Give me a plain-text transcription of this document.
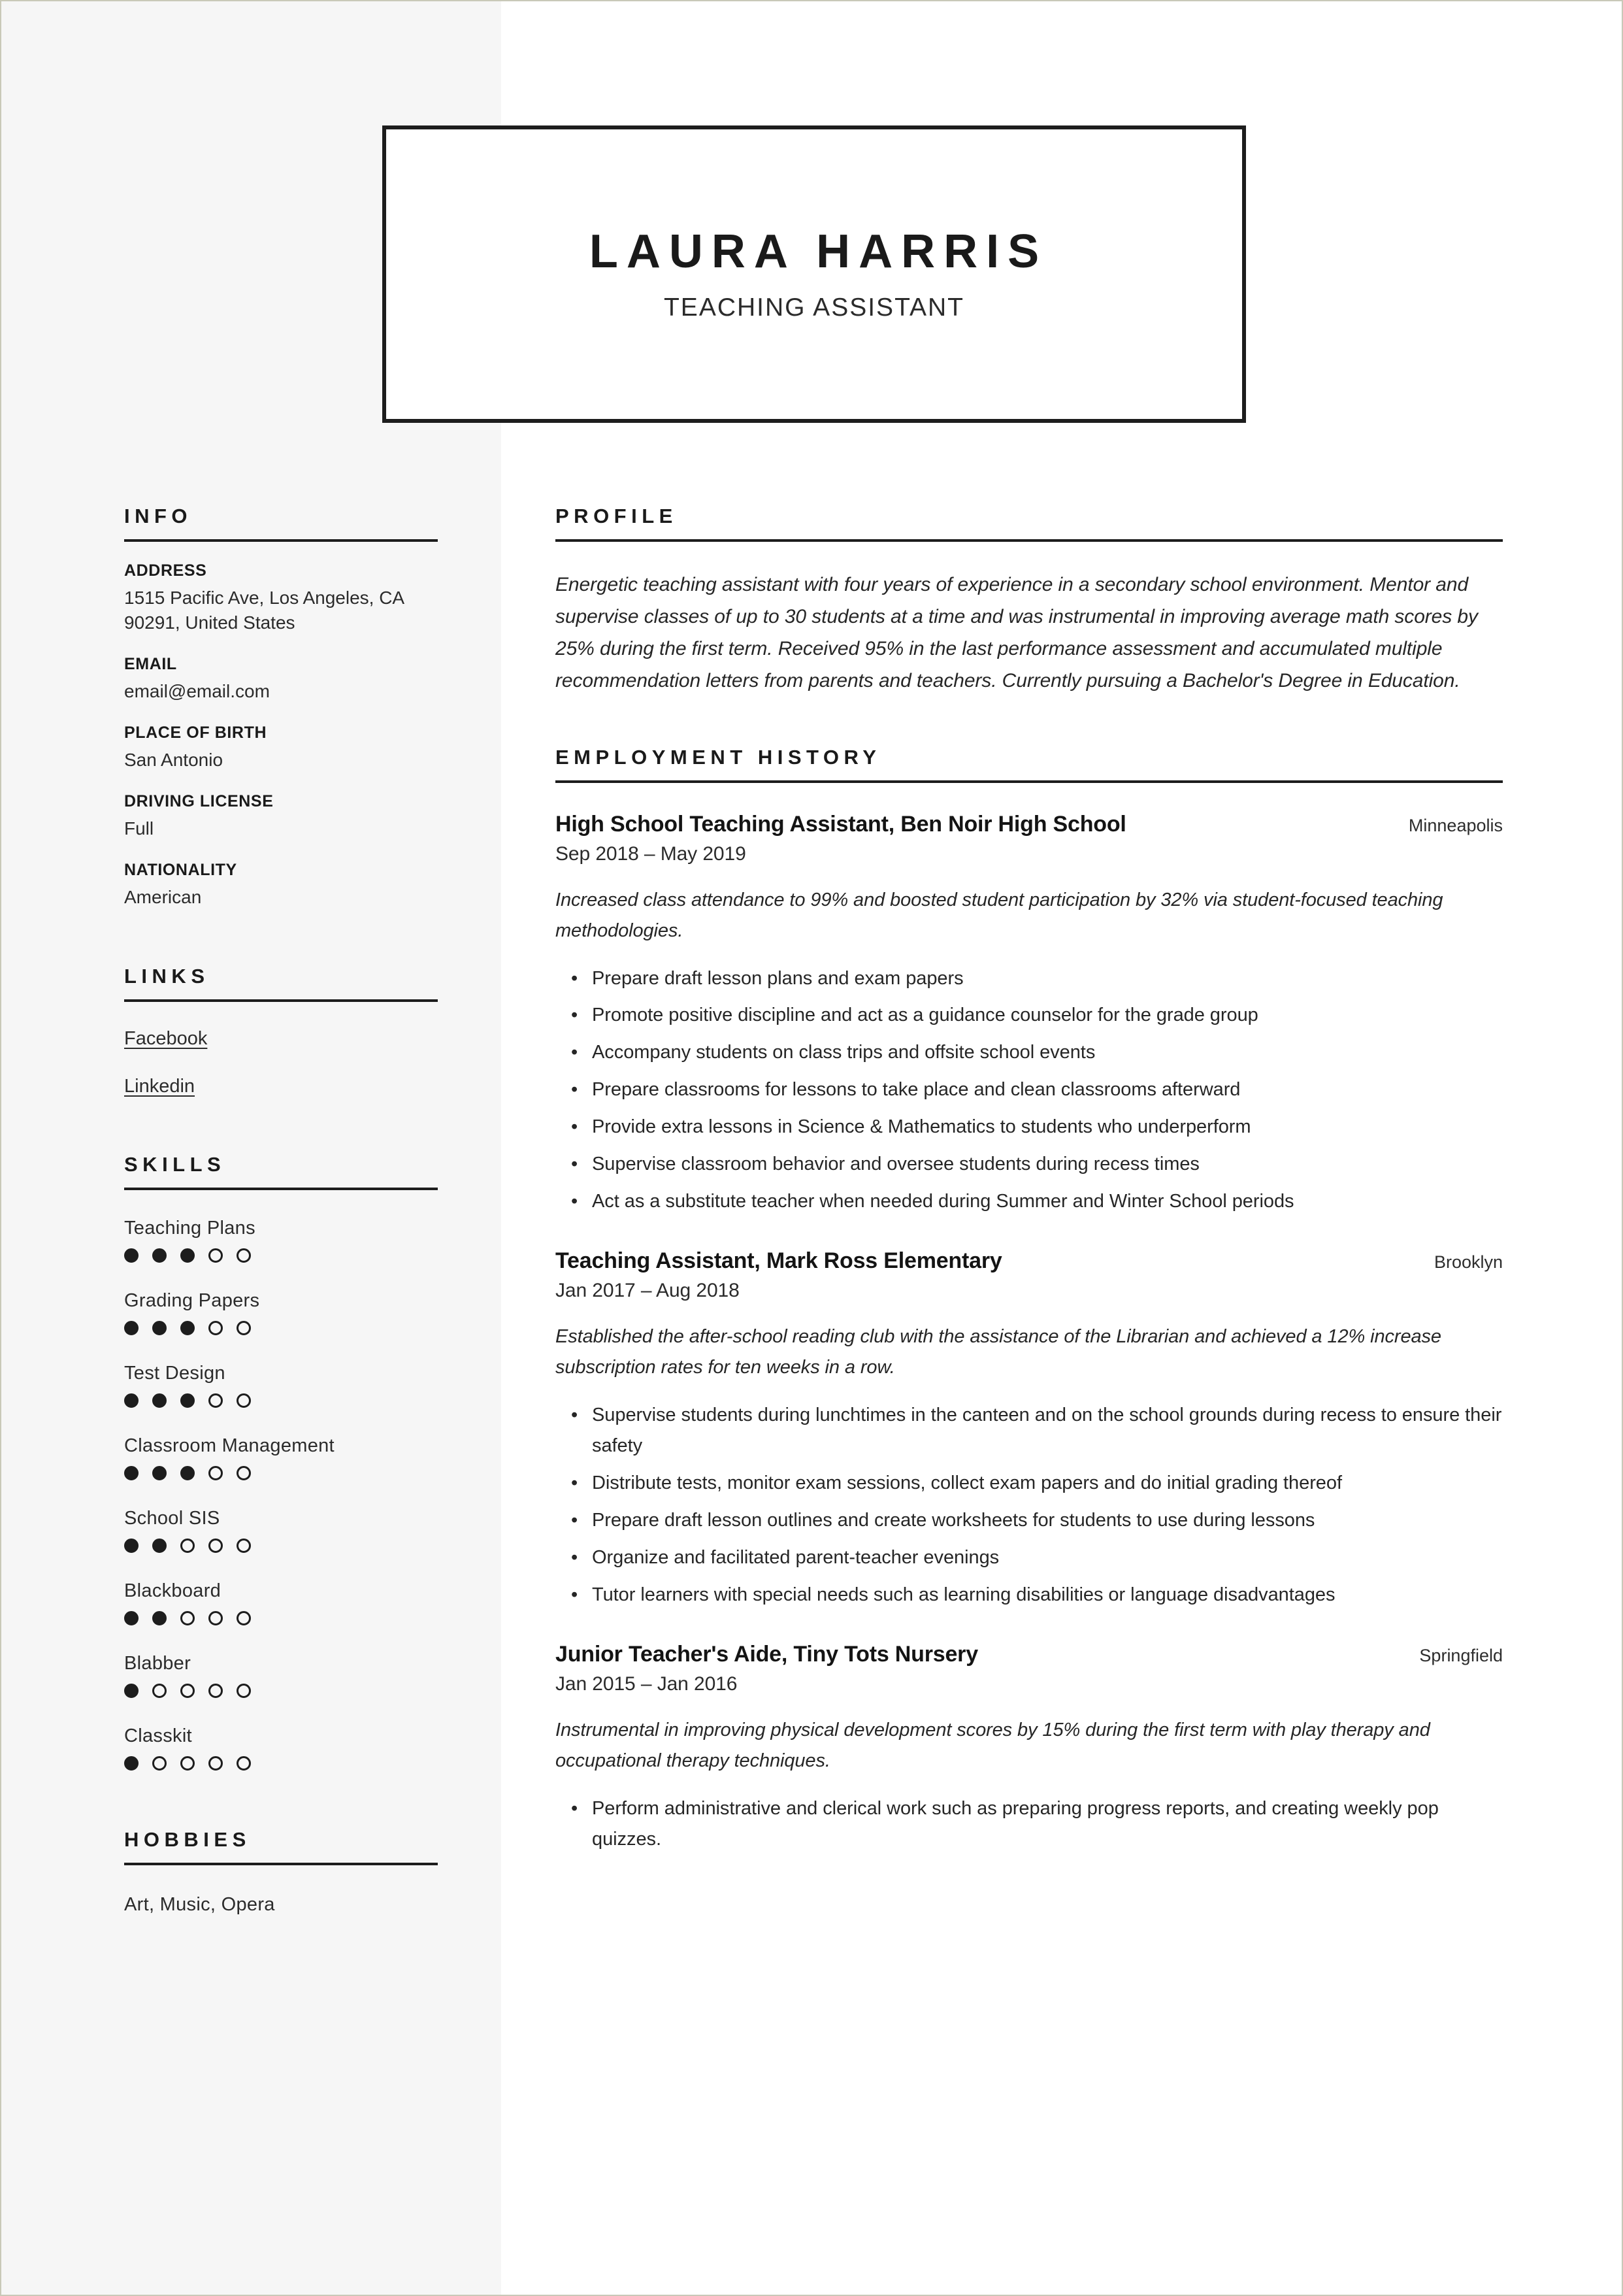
LAURA HARRIS
TEACHING ASSISTANT
INFO
ADDRESS
1515 Pacific Ave, Los Angeles, CA 90291, United States
EMAIL
email@email.com
PLACE OF BIRTH
San Antonio
DRIVING LICENSE
Full
NATIONALITY
American
LINKS
Facebook
Linkedin
SKILLS
Teaching Plans
Grading Papers
Test Design
Classroom Management
School SIS
Blackboard
Blabber
Classkit
HOBBIES
Art, Music, Opera
PROFILE
Energetic teaching assistant with four years of experience in a secondary school environment. Mentor and supervise classes of up to 30 students at a time and was instrumental in improving average math scores by 25% during the first term. Received 95% in the last performance assessment and accumulated multiple recommendation letters from parents and teachers. Currently pursuing a Bachelor's Degree in Education.
EMPLOYMENT HISTORY
High School Teaching Assistant, Ben Noir High School	Minneapolis
Sep 2018 – May 2019
Increased class attendance to 99% and boosted student participation by 32% via student-focused teaching methodologies.
• Prepare draft lesson plans and exam papers
• Promote positive discipline and act as a guidance counselor for the grade group
• Accompany students on class trips and offsite school events
• Prepare classrooms for lessons to take place and clean classrooms afterward
• Provide extra lessons in Science & Mathematics to students who underperform
• Supervise classroom behavior and oversee students during recess times
• Act as a substitute teacher when needed during Summer and Winter School periods
Teaching Assistant, Mark Ross Elementary	Brooklyn
Jan 2017 – Aug 2018
Established the after-school reading club with the assistance of the Librarian and achieved a 12% increase subscription rates for ten weeks in a row.
• Supervise students during lunchtimes in the canteen and on the school grounds during recess to ensure their safety
• Distribute tests, monitor exam sessions, collect exam papers and do initial grading thereof
• Prepare draft lesson outlines and create worksheets for students to use during lessons
• Organize and facilitated parent-teacher evenings
• Tutor learners with special needs such as learning disabilities or language disadvantages
Junior Teacher's Aide, Tiny Tots Nursery	Springfield
Jan 2015 – Jan 2016
Instrumental in improving physical development scores by 15% during the first term with play therapy and occupational therapy techniques.
• Perform administrative and clerical work such as preparing progress reports, and creating weekly pop quizzes.
